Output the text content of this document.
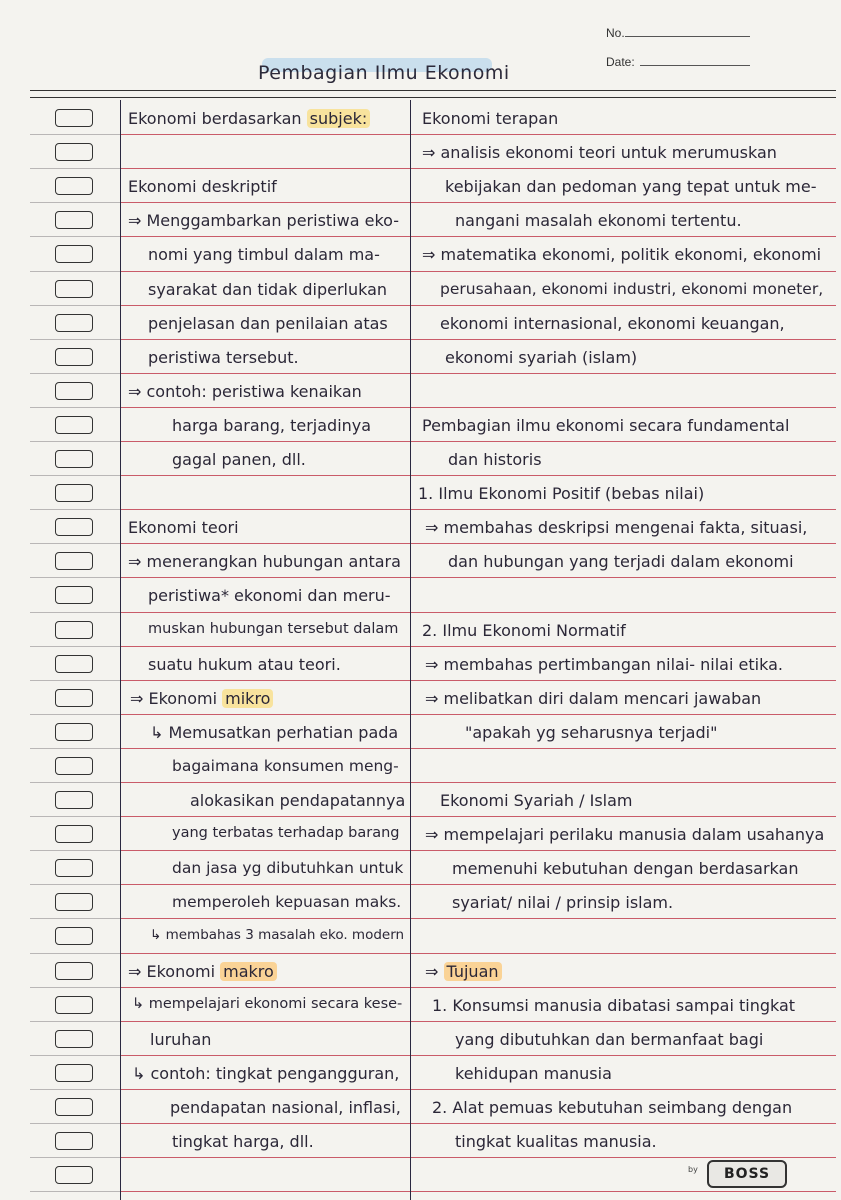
No.
Date:
Pembagian Ilmu Ekonomi
Ekonomi berdasarkan subjek:
Ekonomi deskriptif
⇒ Menggambarkan peristiwa eko-
nomi yang timbul dalam ma-
syarakat dan tidak diperlukan
penjelasan dan penilaian atas
peristiwa tersebut.
⇒ contoh: peristiwa kenaikan
harga barang, terjadinya
gagal panen, dll.
Ekonomi teori
⇒ menerangkan hubungan antara
peristiwa* ekonomi dan meru-
muskan hubungan tersebut dalam
suatu hukum atau teori.
⇒ Ekonomi mikro
↳ Memusatkan perhatian pada
bagaimana konsumen meng-
alokasikan pendapatannya
yang terbatas terhadap barang
dan jasa yg dibutuhkan untuk
memperoleh kepuasan maks.
↳ membahas 3 masalah eko. modern
⇒ Ekonomi makro
↳ mempelajari ekonomi secara kese-
luruhan
↳ contoh: tingkat pengangguran,
pendapatan nasional, inflasi,
tingkat harga, dll.
Ekonomi terapan
⇒ analisis ekonomi teori untuk merumuskan
kebijakan dan pedoman yang tepat untuk me-
nangani masalah ekonomi tertentu.
⇒ matematika ekonomi, politik ekonomi, ekonomi
perusahaan, ekonomi industri, ekonomi moneter,
ekonomi internasional, ekonomi keuangan,
ekonomi syariah (islam)
Pembagian ilmu ekonomi secara fundamental
dan historis
1. Ilmu Ekonomi Positif (bebas nilai)
⇒ membahas deskripsi mengenai fakta, situasi,
dan hubungan yang terjadi dalam ekonomi
2. Ilmu Ekonomi Normatif
⇒ membahas pertimbangan nilai- nilai etika.
⇒ melibatkan diri dalam mencari jawaban
"apakah yg seharusnya terjadi"
Ekonomi Syariah / Islam
⇒ mempelajari perilaku manusia dalam usahanya
memenuhi kebutuhan dengan berdasarkan
syariat/ nilai / prinsip islam.
⇒ Tujuan
1. Konsumsi manusia dibatasi sampai tingkat
yang dibutuhkan dan bermanfaat bagi
kehidupan manusia
2. Alat pemuas kebutuhan seimbang dengan
tingkat kualitas manusia.
by BOSS
